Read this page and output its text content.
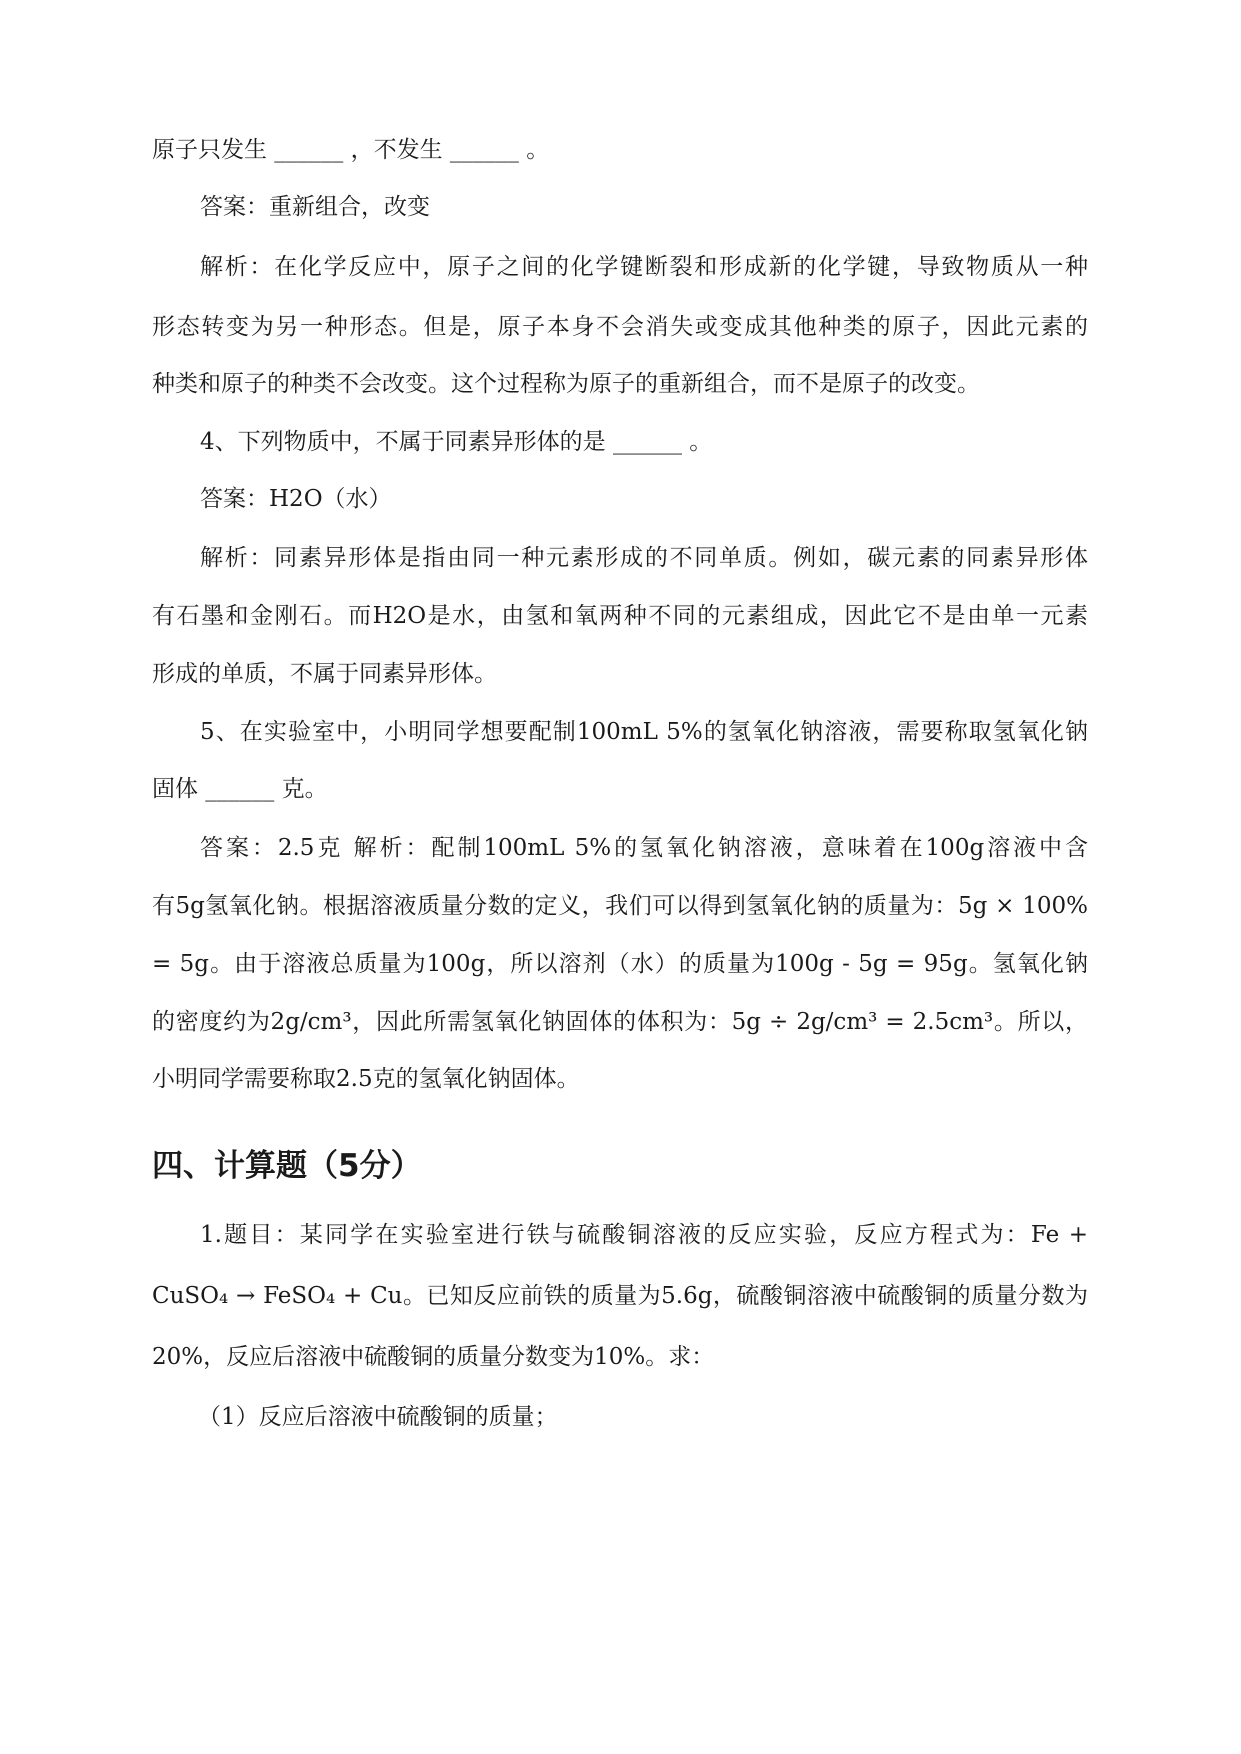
原子只发生 ______ ，不发生 ______ 。

答案：重新组合，改变

解析：在化学反应中，原子之间的化学键断裂和形成新的化学键，导致物质从一种

形态转变为另一种形态。但是，原子本身不会消失或变成其他种类的原子，因此元素的

种类和原子的种类不会改变。这个过程称为原子的重新组合，而不是原子的改变。

4、下列物质中，不属于同素异形体的是 ______ 。

答案：H2O（水）

解析：同素异形体是指由同一种元素形成的不同单质。例如，碳元素的同素异形体

有石墨和金刚石。而H2O是水，由氢和氧两种不同的元素组成，因此它不是由单一元素

形成的单质，不属于同素异形体。

5、在实验室中，小明同学想要配制100mL 5%的氢氧化钠溶液，需要称取氢氧化钠

固体 ______ 克。

答案：2.5克 解析：配制100mL 5%的氢氧化钠溶液，意味着在100g溶液中含

有5g氢氧化钠。根据溶液质量分数的定义，我们可以得到氢氧化钠的质量为：5g × 100%

= 5g。由于溶液总质量为100g，所以溶剂（水）的质量为100g - 5g = 95g。氢氧化钠

的密度约为2g/cm³，因此所需氢氧化钠固体的体积为：5g ÷ 2g/cm³ = 2.5cm³。所以，

小明同学需要称取2.5克的氢氧化钠固体。

四、计算题（5分）

1.题目：某同学在实验室进行铁与硫酸铜溶液的反应实验，反应方程式为：Fe +

CuSO₄ → FeSO₄ + Cu。已知反应前铁的质量为5.6g，硫酸铜溶液中硫酸铜的质量分数为

20%，反应后溶液中硫酸铜的质量分数变为10%。求：

（1）反应后溶液中硫酸铜的质量；
